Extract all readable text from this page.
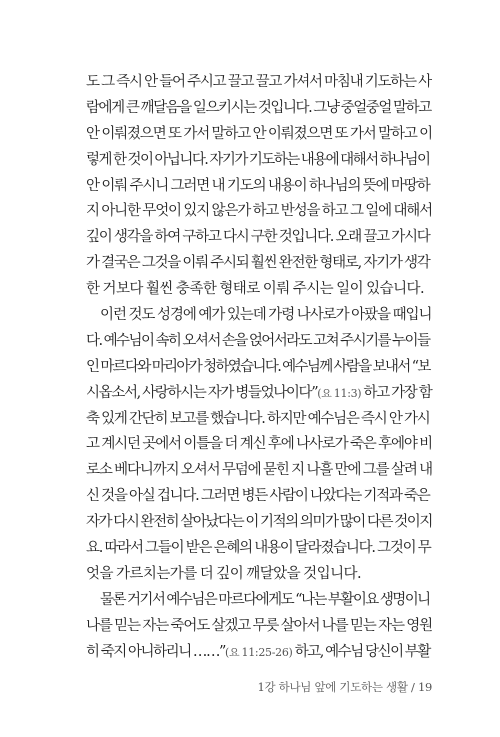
도 그 즉시 안 들어 주시고 끌고 끌고 가셔서 마침내 기도하는 사
람에게 큰 깨달음을 일으키시는 것입니다. 그냥 중얼중얼 말하고
안 이뤄졌으면 또 가서 말하고 안 이뤄졌으면 또 가서 말하고 이
렇게 한 것이 아닙니다. 자기가 기도하는 내용에 대해서 하나님이
안 이뤄 주시니 그러면 내 기도의 내용이 하나님의 뜻에 마땅하
지 아니한 무엇이 있지 않은가 하고 반성을 하고 그 일에 대해서
깊이 생각을 하여 구하고 다시 구한 것입니다. 오래 끌고 가시다
가 결국은 그것을 이뤄 주시되 훨씬 완전한 형태로, 자기가 생각
한 거보다 훨씬 충족한 형태로 이뤄 주시는 일이 있습니다.
이런 것도 성경에 예가 있는데 가령 나사로가 아팠을 때입니
다. 예수님이 속히 오셔서 손을 얹어서라도 고쳐 주시기를 누이들
인 마르다와 마리아가 청하였습니다. 예수님께 사람을 보내서 “보
시옵소서, 사랑하시는 자가 병들었나이다”(요 11:3) 하고 가장 함
축 있게 간단히 보고를 했습니다. 하지만 예수님은 즉시 안 가시
고 계시던 곳에서 이틀을 더 계신 후에 나사로가 죽은 후에야 비
로소 베다니까지 오셔서 무덤에 묻힌 지 나흘 만에 그를 살려 내
신 것을 아실 겁니다. 그러면 병든 사람이 나았다는 기적과 죽은
자가 다시 완전히 살아났다는 이 기적의 의미가 많이 다른 것이지
요. 따라서 그들이 받은 은혜의 내용이 달라졌습니다. 그것이 무
엇을 가르치는가를 더 깊이 깨달았을 것입니다.
물론 거기서 예수님은 마르다에게도 “나는 부활이요 생명이니
나를 믿는 자는 죽어도 살겠고 무릇 살아서 나를 믿는 자는 영원
히 죽지 아니하리니 ……”(요 11:25-26) 하고, 예수님 당신이 부활
1강 하나님 앞에 기도하는 생활 / 19
